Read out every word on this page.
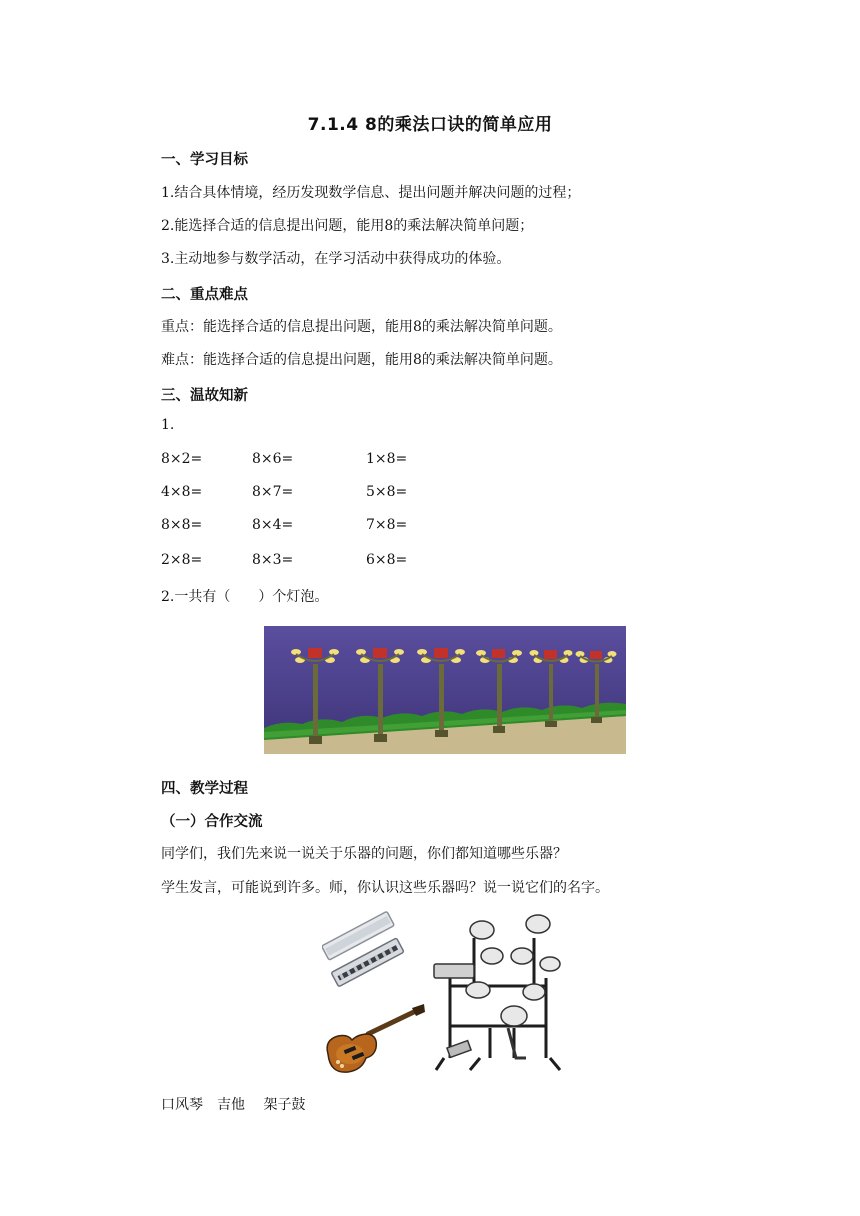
7.1.4 8的乘法口诀的简单应用
一、学习目标
1.结合具体情境，经历发现数学信息、提出问题并解决问题的过程；
2.能选择合适的信息提出问题，能用8的乘法解决简单问题；
3.主动地参与数学活动，在学习活动中获得成功的体验。
二、重点难点
重点：能选择合适的信息提出问题，能用8的乘法解决简单问题。
难点：能选择合适的信息提出问题，能用8的乘法解决简单问题。
三、温故知新
1.
8×2=	8×6=	1×8=
4×8=	8×7=	5×8=
8×8=	8×4=	7×8=
2×8=	8×3=	6×8=
2.一共有（　　）个灯泡。
四、教学过程
（一）合作交流
同学们，我们先来说一说关于乐器的问题，你们都知道哪些乐器？
学生发言，可能说到许多。师，你认识这些乐器吗？说一说它们的名字。
口风琴　吉他　 架子鼓
